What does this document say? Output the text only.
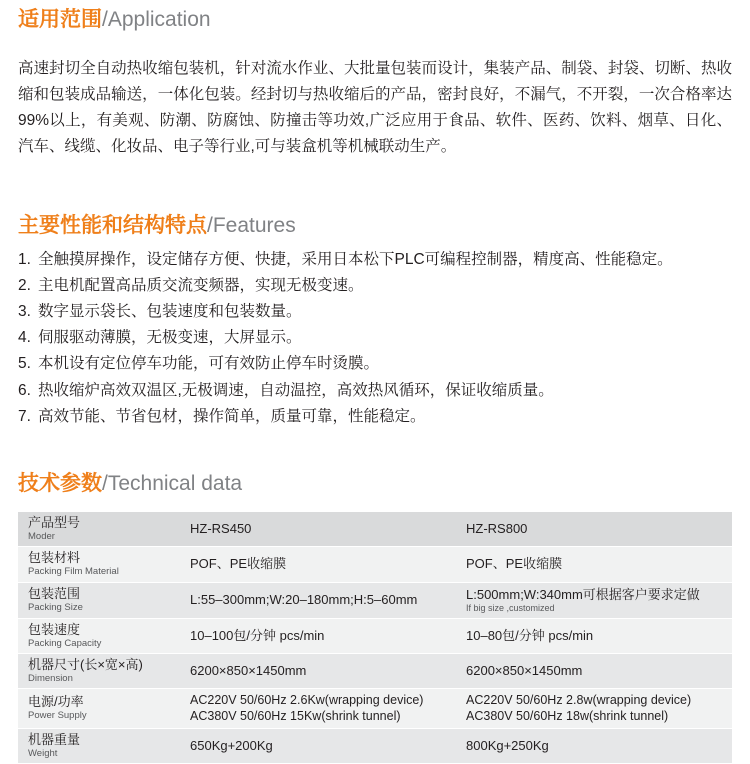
适用范围/Application

高速封切全自动热收缩包装机，针对流水作业、大批量包装而设计，集装产品、制袋、封袋、切断、热收缩和包装成品输送，一体化包装。经封切与热收缩后的产品，密封良好，不漏气，不开裂，一次合格率达99%以上，有美观、防潮、防腐蚀、防撞击等功效,广泛应用于食品、软件、医药、饮料、烟草、日化、汽车、线缆、化妆品、电子等行业,可与装盒机等机械联动生产。

主要性能和结构特点/Features
1. 全触摸屏操作，设定储存方便、快捷，采用日本松下PLC可编程控制器，精度高、性能稳定。
2. 主电机配置高品质交流变频器，实现无极变速。
3. 数字显示袋长、包装速度和包装数量。
4. 伺服驱动薄膜，无极变速，大屏显示。
5. 本机设有定位停车功能，可有效防止停车时烫膜。
6. 热收缩炉高效双温区,无极调速，自动温控，高效热风循环，保证收缩质量。
7. 高效节能、节省包材，操作简单，质量可靠，性能稳定。
技术参数/Technical data
产品型号
Moder	HZ-RS450	HZ-RS800

包装材料
Packing Film Material	POF、PE收缩膜	POF、PE收缩膜

包装范围
Packing Size	L:55–300mm;W:20–180mm;H:5–60mm	L:500mm;W:340mm可根据客户要求定做
If big size ,customized

包装速度
Packing Capacity	10–100包/分钟 pcs/min	10–80包/分钟 pcs/min

机器尺寸(长×宽×高)
Dimension	6200×850×1450mm	6200×850×1450mm

电源/功率
Power Supply	AC220V 50/60Hz 2.6Kw(wrapping device)
AC380V 50/60Hz 15Kw(shrink tunnel)	AC220V 50/60Hz 2.8w(wrapping device)
AC380V 50/60Hz 18w(shrink tunnel)

机器重量
Weight	650Kg+200Kg	800Kg+250Kg
